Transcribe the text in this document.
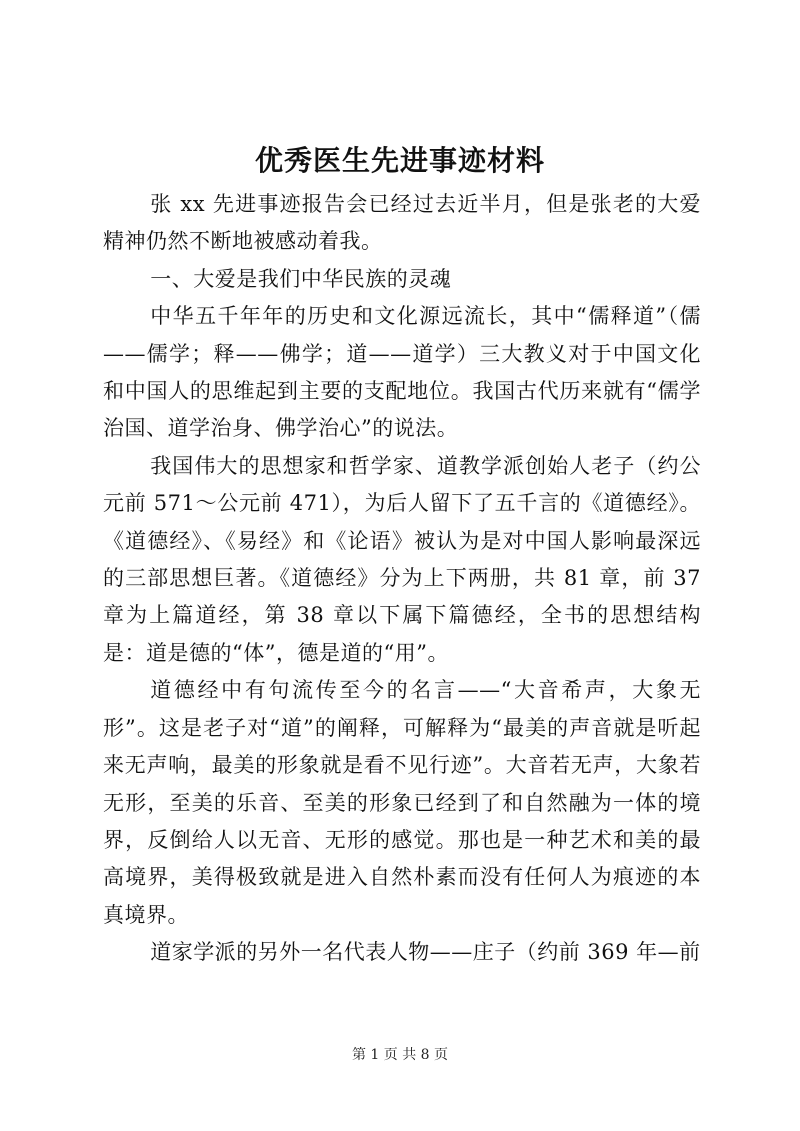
优秀医生先进事迹材料

张 xx 先进事迹报告会已经过去近半月，但是张老的大爱精神仍然不断地被感动着我。

一、大爱是我们中华民族的灵魂

中华五千年年的历史和文化源远流长，其中“儒释道”（儒——儒学；释——佛学；道——道学）三大教义对于中国文化和中国人的思维起到主要的支配地位。我国古代历来就有“儒学治国、道学治身、佛学治心”的说法。

我国伟大的思想家和哲学家、道教学派创始人老子（约公元前 571～公元前 471），为后人留下了五千言的《道德经》。《道德经》、《易经》和《论语》被认为是对中国人影响最深远的三部思想巨著。《道德经》分为上下两册，共 81 章，前 37 章为上篇道经，第 38 章以下属下篇德经，全书的思想结构是：道是德的“体”，德是道的“用”。

道德经中有句流传至今的名言——“大音希声，大象无形”。这是老子对“道”的阐释，可解释为“最美的声音就是听起来无声响，最美的形象就是看不见行迹”。大音若无声，大象若无形，至美的乐音、至美的形象已经到了和自然融为一体的境界，反倒给人以无音、无形的感觉。那也是一种艺术和美的最高境界，美得极致就是进入自然朴素而没有任何人为痕迹的本真境界。

道家学派的另外一名代表人物——庄子（约前 369 年—前

第 1 页 共 8 页
